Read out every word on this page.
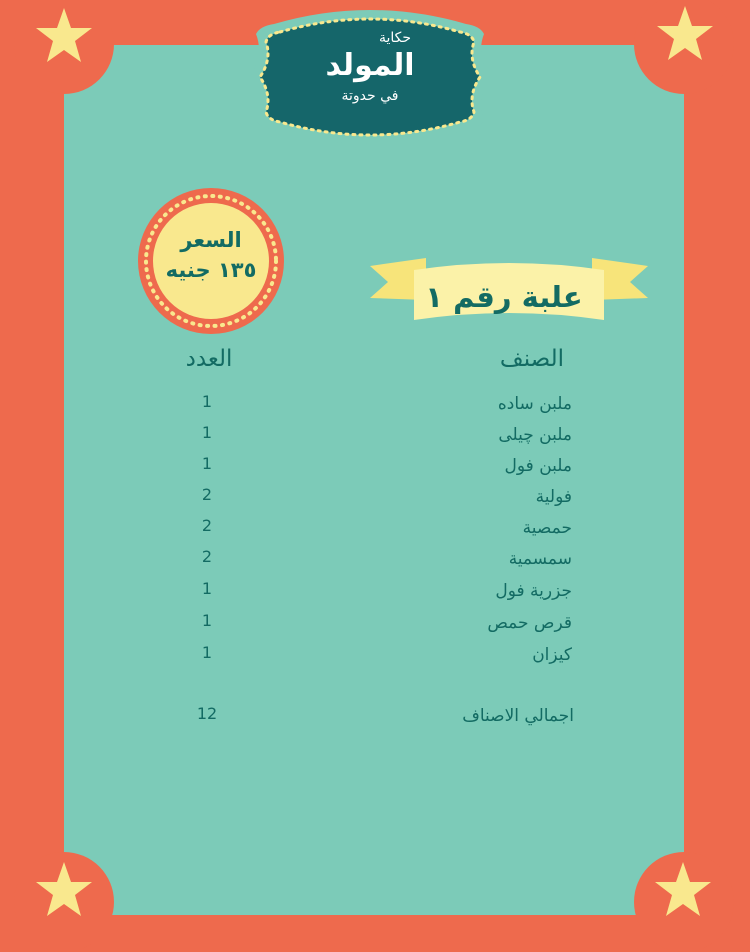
حكاية
المولد
في حدوتة
السعر
١٣٥ جنيه
علبة رقم ١
الصنف
العدد
ملبن ساده
1
ملبن چيلى
1
ملبن فول
1
فولية
2
حمصية
2
سمسمية
2
جزرية فول
1
قرص حمص
1
كيزان
1
اجمالي الاصناف
12
